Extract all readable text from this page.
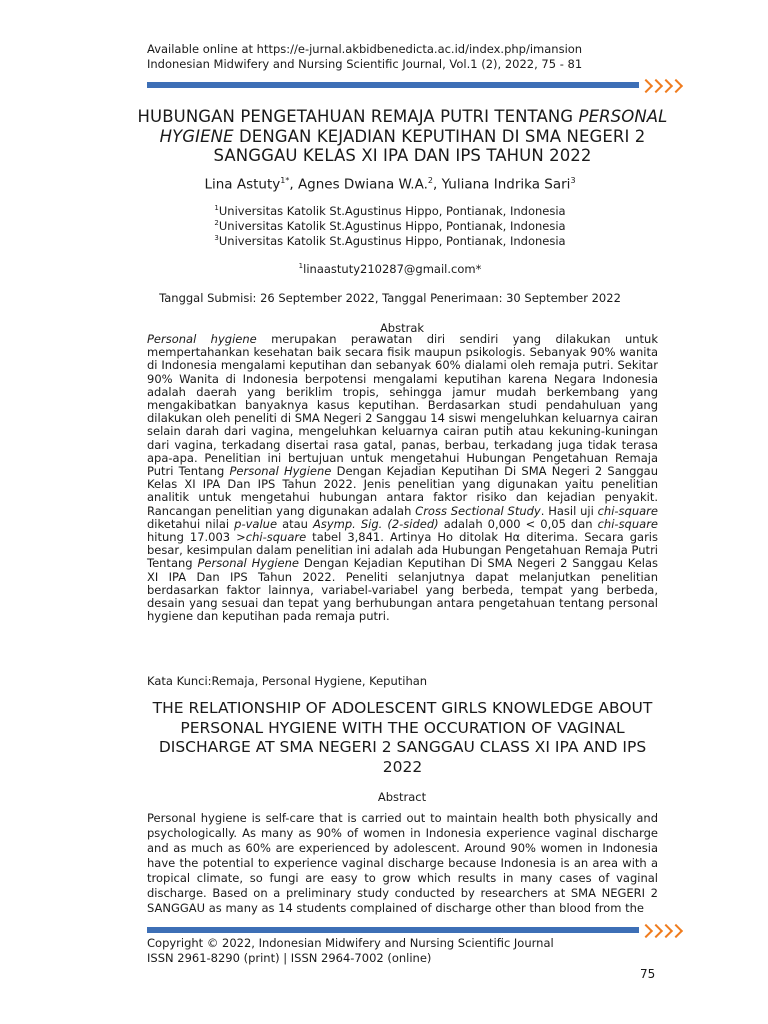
Available online at https://e-jurnal.akbidbenedicta.ac.id/index.php/imansion
Indonesian Midwifery and Nursing Scientific Journal, Vol.1 (2), 2022, 75 - 81
HUBUNGAN PENGETAHUAN REMAJA PUTRI TENTANG PERSONAL HYGIENE DENGAN KEJADIAN KEPUTIHAN DI SMA NEGERI 2 SANGGAU KELAS XI IPA DAN IPS TAHUN 2022
Lina Astuty$^{1*}$, Agnes Dwiana W.A.$^2$, Yuliana Indrika Sari$^3$
$^1$Universitas Katolik St.Agustinus Hippo, Pontianak, Indonesia
$^2$Universitas Katolik St.Agustinus Hippo, Pontianak, Indonesia
$^3$Universitas Katolik St.Agustinus Hippo, Pontianak, Indonesia
$^1$linaastuty210287@gmail.com*
Tanggal Submisi: 26 September 2022, Tanggal Penerimaan: 30 September 2022
Abstrak
Personal hygiene merupakan perawatan diri sendiri yang dilakukan untuk mempertahankan kesehatan baik secara fisik maupun psikologis. Sebanyak 90% wanita di Indonesia mengalami keputihan dan sebanyak 60% dialami oleh remaja putri. Sekitar 90% Wanita di Indonesia berpotensi mengalami keputihan karena Negara Indonesia adalah daerah yang beriklim tropis, sehingga jamur mudah berkembang yang mengakibatkan banyaknya kasus keputihan. Berdasarkan studi pendahuluan yang dilakukan oleh peneliti di SMA Negeri 2 Sanggau 14 siswi mengeluhkan keluarnya cairan selain darah dari vagina, mengeluhkan keluarnya cairan putih atau kekuning-kuningan dari vagina, terkadang disertai rasa gatal, panas, berbau, terkadang juga tidak terasa apa-apa. Penelitian ini bertujuan untuk mengetahui Hubungan Pengetahuan Remaja Putri Tentang Personal Hygiene Dengan Kejadian Keputihan Di SMA Negeri 2 Sanggau Kelas XI IPA Dan IPS Tahun 2022. Jenis penelitian yang digunakan yaitu penelitian analitik untuk mengetahui hubungan antara faktor risiko dan kejadian penyakit. Rancangan penelitian yang digunakan adalah Cross Sectional Study. Hasil uji chi-square diketahui nilai p-value atau Asymp. Sig. (2-sided) adalah 0,000 < 0,05 dan chi-square hitung 17.003 >chi-square tabel 3,841. Artinya Ho ditolak Hα diterima. Secara garis besar, kesimpulan dalam penelitian ini adalah ada Hubungan Pengetahuan Remaja Putri Tentang Personal Hygiene Dengan Kejadian Keputihan Di SMA Negeri 2 Sanggau Kelas XI IPA Dan IPS Tahun 2022. Peneliti selanjutnya dapat melanjutkan penelitian berdasarkan faktor lainnya, variabel-variabel yang berbeda, tempat yang berbeda, desain yang sesuai dan tepat yang berhubungan antara pengetahuan tentang personal hygiene dan keputihan pada remaja putri.
Kata Kunci:Remaja, Personal Hygiene, Keputihan
THE RELATIONSHIP OF ADOLESCENT GIRLS KNOWLEDGE ABOUT PERSONAL HYGIENE WITH THE OCCURATION OF VAGINAL DISCHARGE AT SMA NEGERI 2 SANGGAU CLASS XI IPA AND IPS 2022
Abstract
Personal hygiene is self-care that is carried out to maintain health both physically and psychologically. As many as 90% of women in Indonesia experience vaginal discharge and as much as 60% are experienced by adolescent. Around 90% women in Indonesia have the potential to experience vaginal discharge because Indonesia is an area with a tropical climate, so fungi are easy to grow which results in many cases of vaginal discharge. Based on a preliminary study conducted by researchers at SMA NEGERI 2 SANGGAU as many as 14 students complained of discharge other than blood from the
Copyright © 2022, Indonesian Midwifery and Nursing Scientific Journal
ISSN 2961-8290 (print) | ISSN 2964-7002 (online)
75
